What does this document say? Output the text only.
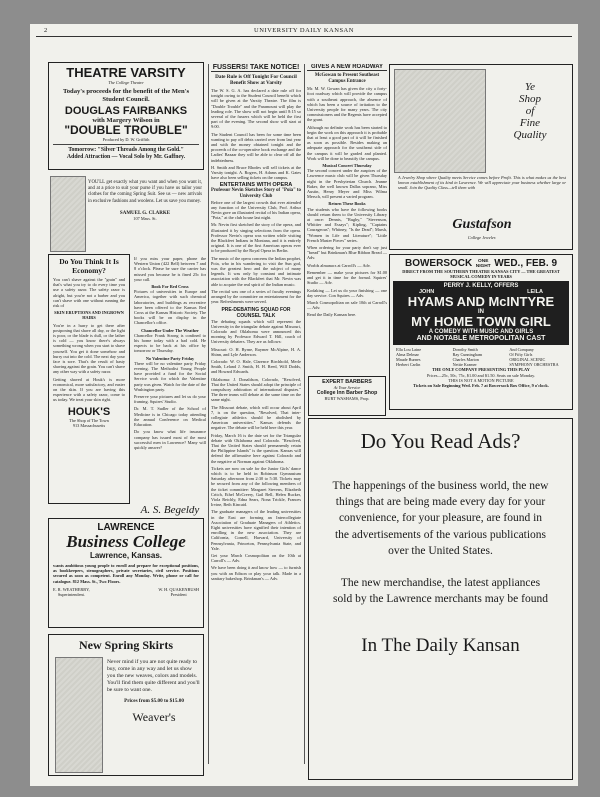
2	UNIVERSITY DAILY KANSAN
THEATRE VARSITY
The College Theatre
Today's proceeds for the benefit of the Men's Student Council.
DOUGLAS FAIRBANKS
with Margery Wilson in
"DOUBLE TROUBLE"
Produced by D. W. Griffith
Tomorrow: "Silver Threads Among the Gold."
Added Attraction — Vocal Solo by Mr. Gaffney.
YOU'LL get exactly what you want and when you want it, and at a price to suit your purse if you have us tailor your clothes for the coming Spring Suit. See us — new arrivals in exclusive fashions and woolens. Let us save you money.
SAMUEL G. CLARKE
107 Mass. St.
Do You Think It Is Economy?
You can't shave against the "grain" and that's what you try to do every time you use a safety razor. The safety razor is alright, but you're not a barber and you can't shave with one without running the risk of
SKIN ERUPTIONS AND INGROWN HAIRS
You're in a hurry to get there after postponing that shave all day, or the light is poor, or the blade is dull, or the lather is cold — you know there's always something wrong when you start to shave yourself. You get it done somehow and hurry out into the cold. The next day your face is sore. That's the result of hasty shaving against the grain. You can't shave any other way with a safety razor.
Getting shaved at Houk's is more economical, more satisfactory, and easier on the skin. If you are having this experience with a safety razor, come to us today. We treat your skin right.
HOUK'S
The Shop of The Town
913 Massachusetts

If you miss your paper, phone the Western Union (422 Bell) between 7 and 8 o'clock. Please be sure the carrier has missed you because he is fined 25c for your call.

Book For Red Cross

Pictures of universities in Europe and America, together with such chemical laboratories, and buildings as recreative have been offered to the Kansas Red Cross at the Kansas Historic Society. The books will be on display in the Chancellor's office.

Chancellor Under The Weather

Chancellor Frank Strong is confined to his home today with a bad cold. He expects to be back at his office by tomorrow or Thursday.

No Valentine Party Friday

There will be no valentine party Friday evening. The Methodist Young People have provided a fund for the Social Service work for which the Valentine party was given. Watch for the date of the Washington party.

Preserve your pictures and let us do your framing. Squires' Studio.

Dr. M. T. Sudler of the School of Medicine is in Chicago today attending the annual Conference on Medical Education.

Do you know what life insurance company has issued most of the most successful men in Lawrence? Many will quickly answer?

A. S. Begeldy
LAWRENCE
Business College
Lawrence, Kansas.
wants ambitious young people to enroll and prepare for exceptional positions, as bookkeepers, stenographers, private secretaries, civil service. Positions secured as soon as competent. Enroll any Monday. Write, phone or call for catalogue. 812 Mass. St., Two Floors.
E. R. WEATHERBY,
Superintendent.
W. H. QUAKENBUSH
President
New Spring Skirts
Never mind if you are not quite ready to buy, come in any way and let us show you the new weaves, colors and models. You'll find them quite different and you'll be sure to want one.
Prices from $5.00 to $15.00
Weaver's
FUSSERS! TAKE NOTICE!
Date Rule is Off Tonight For Council Benefit Show at Varsity

The W. S. G. A. has declared a date rule off for tonight owing to the Student Council benefit which will be given at the Varsity Theatre. The film is "Double Trouble" and the Paramount will play the leading role. The show will not begin until 8:15 so several of the fussers which will be held the first part of the evening. The second show will start at 9:00.

The Student Council has been for some time been wanting to pay off debts carried over from last year and with the money obtained tonight and the proceeds of the co-operative book exchange and the Ladies' Bazaar they will be able to clear off all the indebtedness.

H. Smith and Bruce Rhodes will sell tickets at the Varsity tonight. A. Rogers, H. Adams and K. Gates have also been selling tickets on the campus.

ENTERTAINS WITH OPERA
Professor Nevin Sketches Story of "Poia" to University Club

Before one of the largest crowds that ever attended any function of the University Club, Prof. Arthur Nevin gave an illustrated recital of his Indian opera, "Poia," at the club house last night.

Mr. Nevin first sketched the story of the opera, and illustrated it by singing selections from the opera. Professor Nevin's opera was written while visiting the Blackfeet Indians in Montana, and it is entirely original. It is one of the first American operas ever to be produced by the Royal Opera in Berlin.

The music of the opera concerns the Indian prophet, Poia, who in his wandering to visit the Sun god, was the greatest hero and the subject of many legends. It was only by constant and intimate association with the Blackfeet that Mr. Nevin was able to acquire the real spirit of the Indian music.

The recital was one of a series of faculty evenings arranged by the committee on entertainment for the year. Refreshments were served.

PRE-DEBATING SQUAD FOR COUNSEL TALK

The debating squads which will represent the University in the triangular debate against Missouri, Colorado and Oklahoma were announced this morning by Professor Edward T. Hill, coach of University debaters. They are as follows:

Missouri: O. H. Byrne, Raymer McAlpine, H. A. Shinn, and Lyle Anderson.

Colorado: W. O. Hale, Clarence Birchhold, Merle Smith, Leland J. Smith, H. H. Reed, Will Dodds, and Howard Edwards.

Oklahoma: J. Donaldson, Colorado, "Resolved, That the United States should adopt the principle of compulsory arbitration of international disputes." The three teams will debate at the same time on the same night.

The Missouri debate, which will occur about April 7, is on the question, "Resolved, That inter-collegiate athletics should be abolished by American universities." Kansas defends the negative. The debate will be held here this year.

Friday, March 16 is the date set for the Triangular debate with Oklahoma and Colorado. "Resolved, That the United States should permanently retain the Philippine Islands" is the question. Kansas will defend the affirmative here against Colorado and the negative at Norman against Oklahoma.

Tickets are now on sale for the Junior Girls' dance which is to be held in Robinson Gymnasium Saturday afternoon from 2:30 to 5:30. Tickets may be secured from any of the following members of the ticket committee: Margaret Stevens, Elizabeth Critch, Ethel McCreery, Gail Bell, Helen Rucker, Viola Reichly, Edna Sears, Nona Trickle, Frances Irvine, Beth Kincaid.

The graduate managers of the leading universities in the East are forming an Intercollegiate Association of Graduate Managers of Athletics. Eight universities have signified their intention of enrolling in the new association. They are California, Cornell, Harvard, University of Pennsylvania, Princeton, Pennsylvania State, and Yale.

Get your March Cosmopolitan on the 10th at Carroll's — Adv.

We have been doing it and know how — to furnish you with an Edison or play your talk. Made in a sanitary bakeshop. Brinkman's — Adv.

GIVES A NEW ROADWAY
McGowan to Present Southeast Campus Entrance

Mr. M. W. Gowan has given the city a forty-foot roadway which will provide the campus with a southeast approach, the absence of which has been a source of irritation to the University people for many years. The city commissioners and the Regents have accepted the grant.

Although no definite work has been started to begin the work on this approach it is probable that at least a good part of it will be finished as soon as possible. Besides making an adequate approach for the southeast side of the campus it will be graded and planted. Work will be done to beautify the campus.

Musical Concert Thursday

The second concert under the auspices of the Lawrence music club will be given Thursday night in the Presbyterian Church. Jeanne Baker, the well known Dallas soprano, Miss Austin, Henry Meyer and Miss Wilma Mersch, will present a varied program.

Return These Books

The students who have the following books should return them to the University Library at once: Dennis, "Rugby," "Stevenson, Whittier and Essays"; Kipling, "Captains Courageous"; Whitney, "Is the Dead"; Marsh, "Women in Life and Literature"; "Little French Master Pieces" series.

When ordering for your party don't say just "bread" but Brinkman's Blue Ribbon Bread — Adv.

Worlds almanacs at Carroll's — Adv.

Remember — make your pictures for $1.00 and get it in time for the formal. Squires' Studio — Adv.

Kodaking — Let us do your finishing — one day service. Con Squires — Adv.

March Cosmopolitan on sale 10th at Carroll's — Adv.

Read the Daily Kansan here.

EXPERT BARBERS
At Your Service
College Inn Barber Shop
BURT WASHAMS, Prop.
Ye
Shop
of
Fine
Quality
A Jewelry Shop where Quality meets Service comes before Profit. This is what makes us the best known establishment of its kind in Lawrence. We will appreciate your business whether large or small. Join the Quality Class—tell them with
Gustafson
College Jeweler.
BOWERSOCK	ONE NIGHT WED., FEB. 9
DIRECT FROM THE SOUTHERN THEATRE KANSAS CITY — THE GREATEST MUSICAL COMEDY IN YEARS
PERRY J. KELLY, OFFERS
JOHN	LEILA
HYAMS AND McINTYRE
IN
MY HOME TOWN GIRL
A COMEDY WITH MUSIC AND GIRLS
AND NOTABLE METROPOLITAN CAST
Ella Lou Laine	Dorothy Smith	And Company
Alma Delmar	Ray Cunningham	Of Fifty Girls
Maude Burnes	Charles Marion	ORIGINAL SCENIC
Herbert Carlin	Nettie Kramer	SYMPHONY ORCHESTRA
THE ONLY COMPANY PRESENTING THIS PLAY
Prices—25c, 50c, 75c, $1.00 and $1.50. Seats on sale Monday.
THIS IS NOT A MOTION PICTURE
Tickets on Sale Beginning Wed. Feb. 7 at Bowersock Box Office, 9 o'clock.
Do You Read Ads?
The happenings of the business world, the new things that are being made every day for your convenience, for your pleasure, are found in the advertisements of the various publications over the United States.
The new merchandise, the latest appliances sold by the Lawrence merchants may be found
In The Daily Kansan
